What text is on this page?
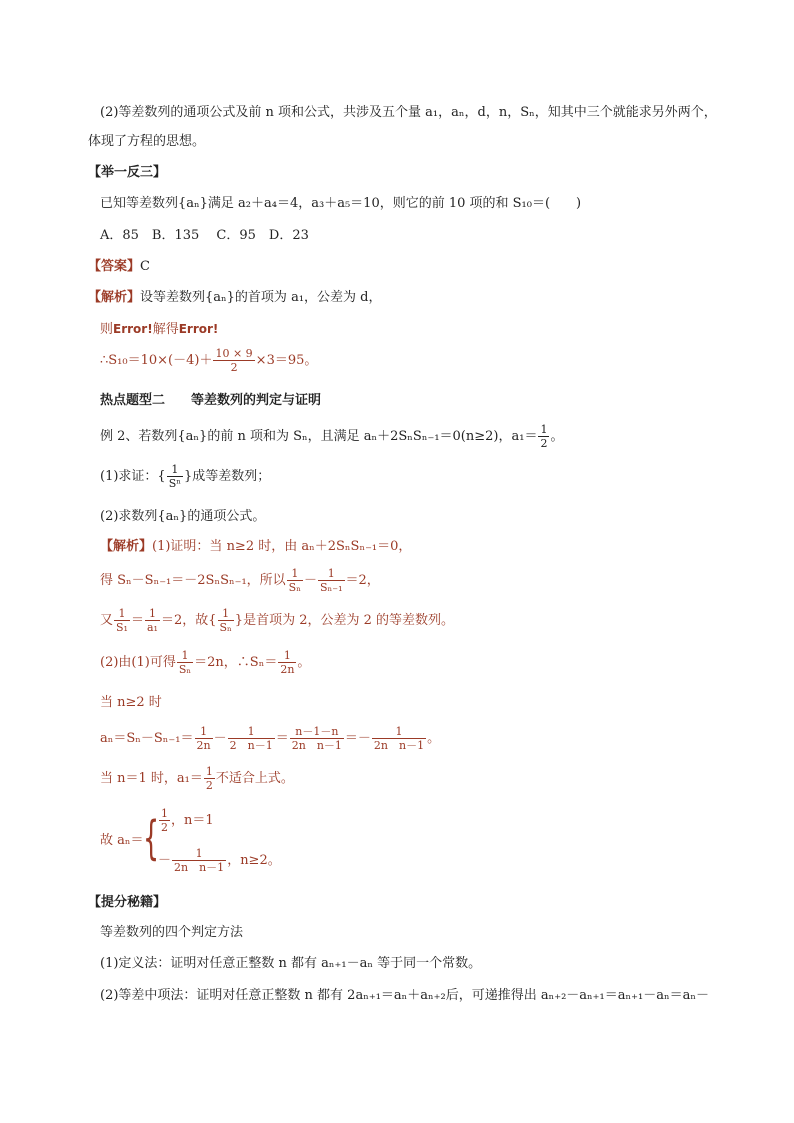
(2)等差数列的通项公式及前 n 项和公式，共涉及五个量 a₁，aₙ，d，n，Sₙ，知其中三个就能求另外两个，
体现了方程的思想。
【举一反三】
已知等差数列{aₙ}满足 a₂＋a₄＝4，a₃＋a₅＝10，则它的前 10 项的和 S₁₀＝(　　)
A．85　B．135　 C．95　D．23
【答案】C
【解析】设等差数列{aₙ}的首项为 a₁，公差为 d，
则Error!解得Error!
∴S₁₀＝10×(－4)＋ $\frac{10 \times 9}{2} \times 3=95$。
热点题型二　　等差数列的判定与证明
例 2、若数列{aₙ}的前 n 项和为 Sₙ，且满足 aₙ＋2SₙSₙ₋₁＝0(n≥2)，$a_1= \frac{1}{2}$ 。
(1)求证：{ $\frac{1}{\text{Sⁿ}}$ }成等差数列；
(2)求数列{aₙ}的通项公式。
【解析】(1)证明：当 n≥2 时，由 aₙ＋2SₙSₙ₋₁＝0，
得 Sₙ－Sₙ₋₁＝－2SₙSₙ₋₁，所以 $\frac{1}{\text{Sₙ}} - \frac{1}{\text{Sₙ₋₁}} =2$，
又 $\frac{1}{\text{S₁}} = \frac{1}{\text{a₁}} =2$，故{ $\frac{1}{\text{Sₙ}}$ }是首项为 2，公差为 2 的等差数列。
(2)由(1)可得 $\frac{1}{\text{Sₙ}} =2n$，∴Sₙ＝ $\frac{1}{2n}$ 。
当 n≥2 时
$a_n=S_n-S_{n-1}= \frac{1}{2n} - \frac{1}{2 n-1} = \frac{n-1-n}{\text{2n　n－1}} =- \frac{1}{\text{2n　n－1}}$ 。
当 n＝1 时，$a_1= \frac{1}{2}$ 不适合上式。
故 aₙ＝ { $\frac{1}{2}$ ，n＝1
－ $\frac{1}{\text{2n　n－1}}$ ，n≥2。
【提分秘籍】
等差数列的四个判定方法
(1)定义法：证明对任意正整数 n 都有 aₙ₊₁－aₙ 等于同一个常数。
(2)等差中项法：证明对任意正整数 n 都有 2aₙ₊₁＝aₙ＋aₙ₊₂后，可递推得出 aₙ₊₂－aₙ₊₁＝aₙ₊₁－aₙ＝aₙ－
